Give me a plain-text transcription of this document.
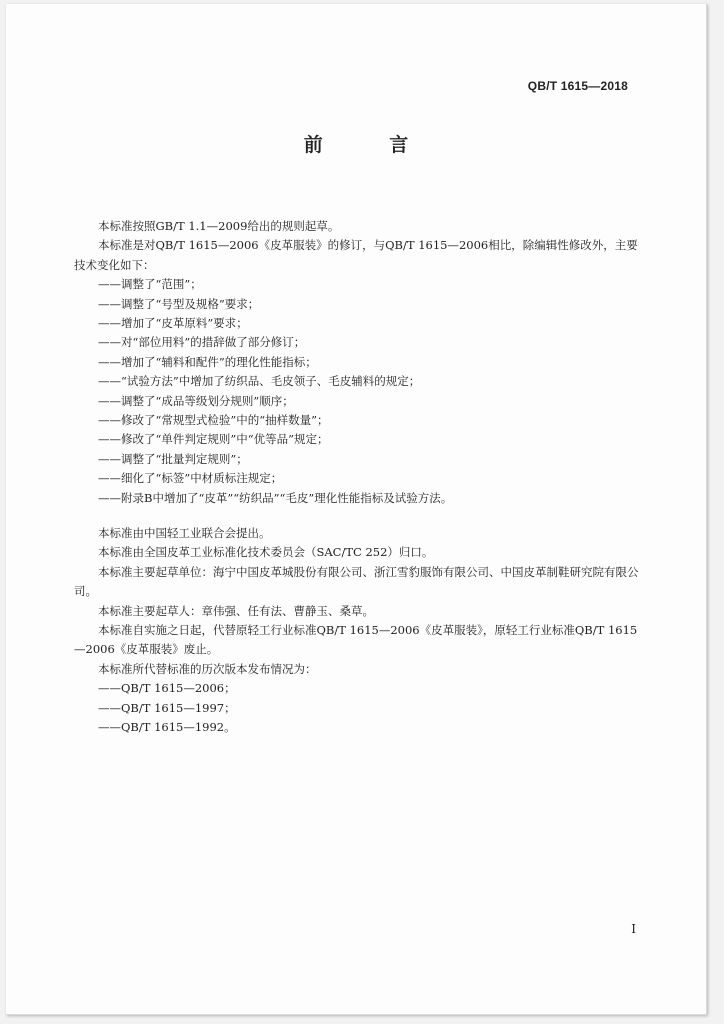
QB/T 1615—2018
前 言

本标准按照GB/T 1.1—2009给出的规则起草。

本标准是对QB/T 1615—2006《皮革服装》的修订，与QB/T 1615—2006相比，除编辑性修改外，主要技术变化如下：

——调整了“范围”；

——调整了“号型及规格”要求；

——增加了“皮革原料”要求；

——对“部位用料”的措辞做了部分修订；

——增加了“辅料和配件”的理化性能指标；

——“试验方法”中增加了纺织品、毛皮领子、毛皮辅料的规定；

——调整了“成品等级划分规则”顺序；

——修改了“常规型式检验”中的“抽样数量”；

——修改了“单件判定规则”中“优等品”规定；

——调整了“批量判定规则”；

——细化了“标签”中材质标注规定；

——附录B中增加了“皮革”“纺织品”“毛皮”理化性能指标及试验方法。

本标准由中国轻工业联合会提出。

本标准由全国皮革工业标准化技术委员会（SAC/TC 252）归口。

本标准主要起草单位：海宁中国皮革城股份有限公司、浙江雪豹服饰有限公司、中国皮革制鞋研究院有限公司。

本标准主要起草人：章伟强、任有法、曹静玉、桑草。

本标准自实施之日起，代替原轻工行业标准QB/T 1615—2006《皮革服装》，原轻工行业标准QB/T 1615—2006《皮革服装》废止。

本标准所代替标准的历次版本发布情况为：

——QB/T 1615—2006；

——QB/T 1615—1997；

——QB/T 1615—1992。

I
